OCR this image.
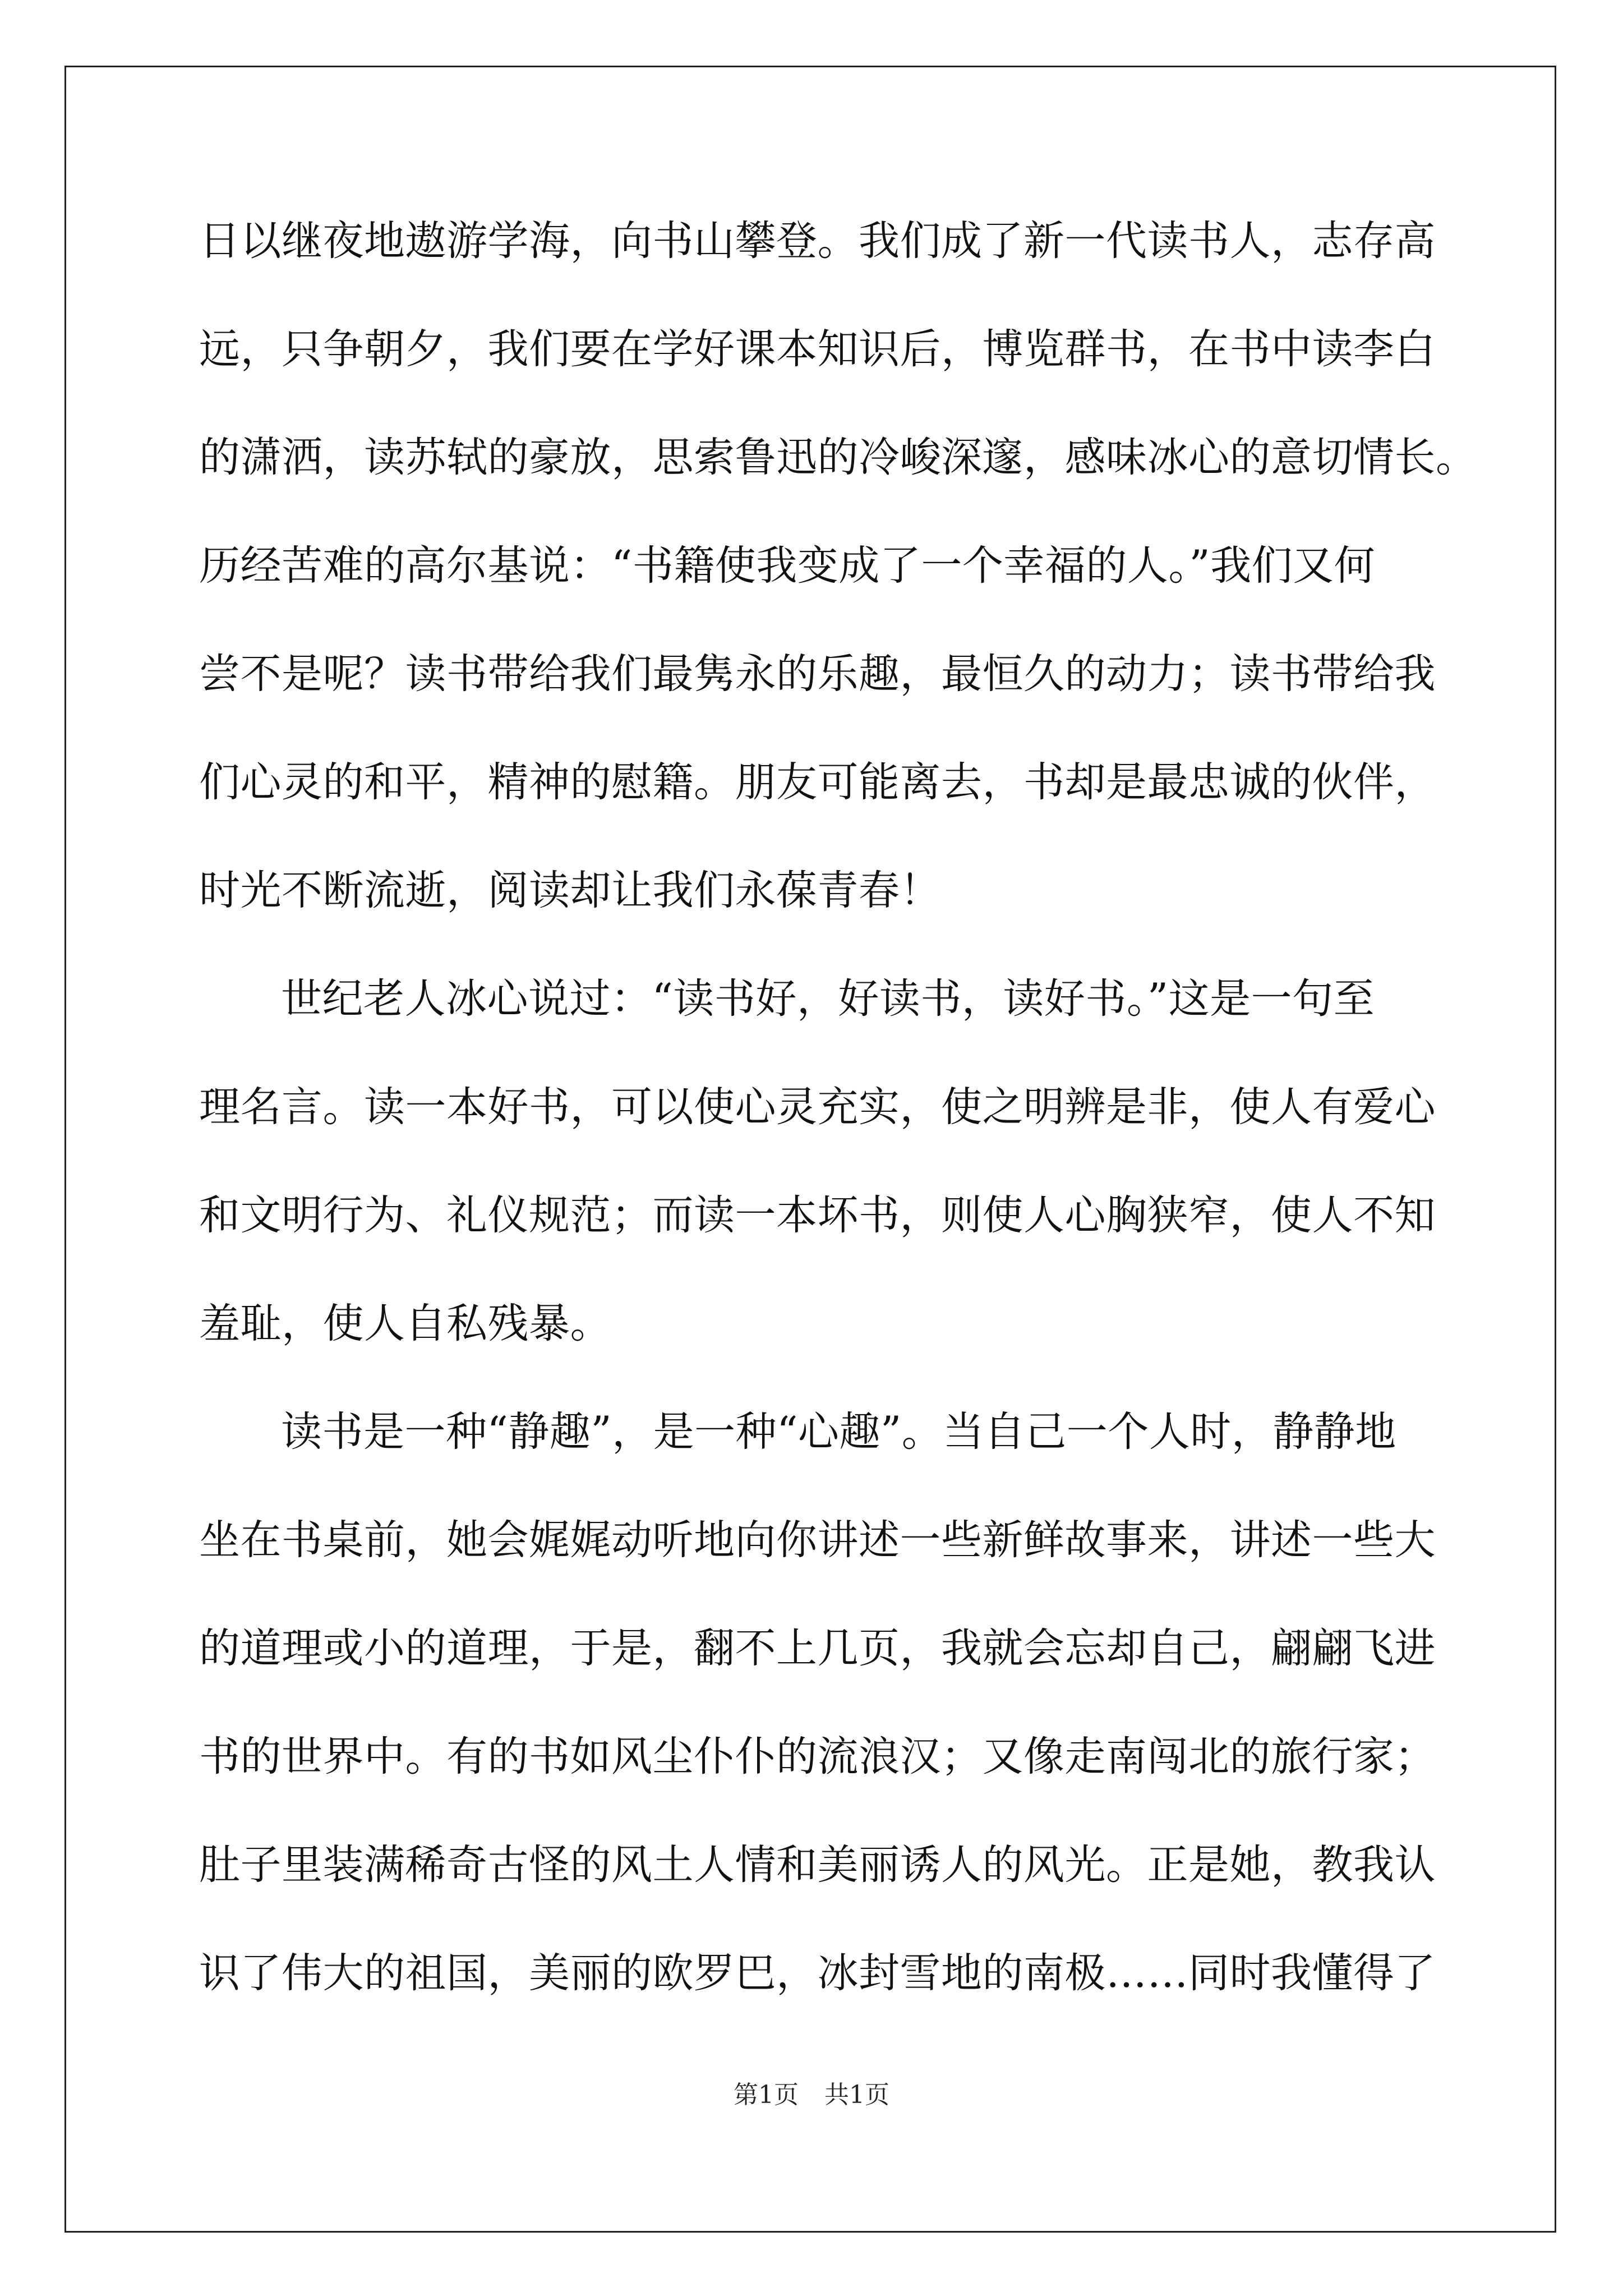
日以继夜地遨游学海，向书山攀登。我们成了新一代读书人，志存高
远，只争朝夕，我们要在学好课本知识后，博览群书，在书中读李白
的潇洒，读苏轼的豪放，思索鲁迅的冷峻深邃，感味冰心的意切情长。
历经苦难的高尔基说：“书籍使我变成了一个幸福的人。”我们又何
尝不是呢？读书带给我们最隽永的乐趣，最恒久的动力；读书带给我
们心灵的和平，精神的慰籍。朋友可能离去，书却是最忠诚的伙伴，
时光不断流逝，阅读却让我们永葆青春！
世纪老人冰心说过：“读书好，好读书，读好书。”这是一句至
理名言。读一本好书，可以使心灵充实，使之明辨是非，使人有爱心
和文明行为、礼仪规范；而读一本坏书，则使人心胸狭窄，使人不知
羞耻，使人自私残暴。
读书是一种“静趣”，是一种“心趣”。当自己一个人时，静静地
坐在书桌前，她会娓娓动听地向你讲述一些新鲜故事来，讲述一些大
的道理或小的道理，于是，翻不上几页，我就会忘却自己，翩翩飞进
书的世界中。有的书如风尘仆仆的流浪汉；又像走南闯北的旅行家；
肚子里装满稀奇古怪的风土人情和美丽诱人的风光。正是她，教我认
识了伟大的祖国，美丽的欧罗巴，冰封雪地的南极……同时我懂得了
第1页 共1页
